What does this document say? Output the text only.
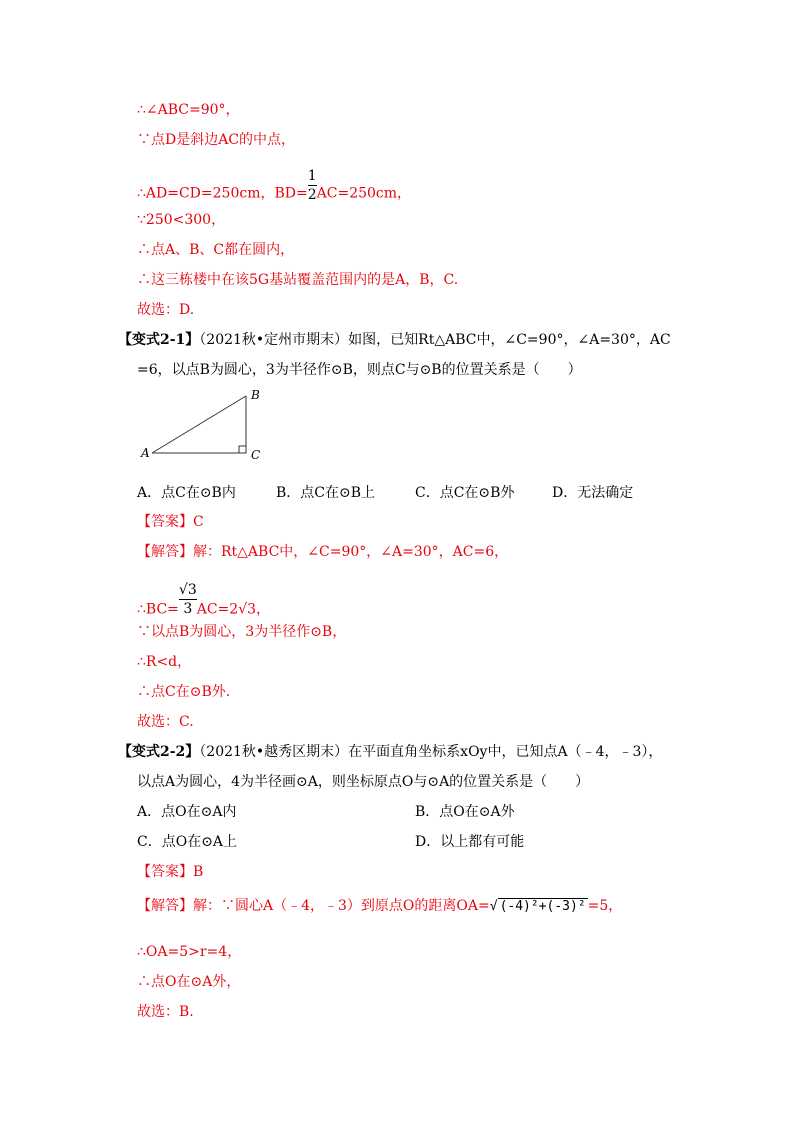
∴∠ABC=90°，
∵点D是斜边AC的中点，
∴AD=CD=250cm，$BD= \frac{1}{2} AC=250cm$，
∵250<300，
∴点A、B、C都在圆内，
∴这三栋楼中在该5G基站覆盖范围内的是A，B，C.
故选：D.
【变式2-1】（2021秋•定州市期末）如图，已知Rt△ABC中，∠C=90°，∠A=30°，AC
=6，以点B为圆心，3为半径作⊙B，则点C与⊙B的位置关系是（　　）
A
B
C
A．点C在⊙B内	B．点C在⊙B上	C．点C在⊙B外	D．无法确定
【答案】C
【解答】解：Rt△ABC中，∠C=90°，∠A=30°，AC=6，
∴BC= $\frac{√3}{3} AC=2√3$，
∵以点B为圆心，3为半径作⊙B，
∴R<d，
∴点C在⊙B外.
故选：C.
【变式2-2】（2021秋•越秀区期末）在平面直角坐标系xOy中，已知点A（﹣4，﹣3），
以点A为圆心，4为半径画⊙A，则坐标原点O与⊙A的位置关系是（　　）
A．点O在⊙A内	B．点O在⊙A外
C．点O在⊙A上	D．以上都有可能
【答案】B
【解答】解：∵圆心A（﹣4，﹣3）到原点O的距离OA=√ (-4)²+(-3)² =5，
∴OA=5>r=4，
∴点O在⊙A外，
故选：B.
